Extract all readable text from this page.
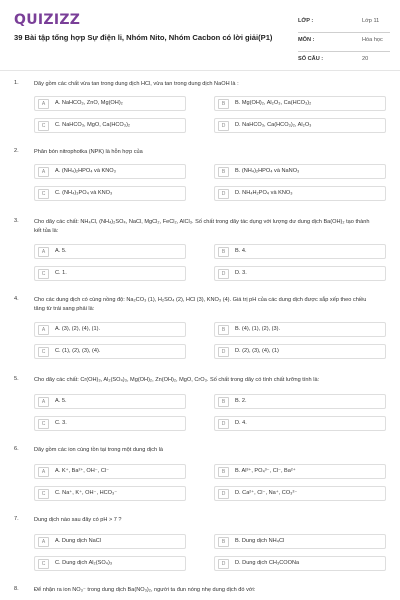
QUIZIZZ
39 Bài tập tổng hợp Sự điện li, Nhóm Nito, Nhóm Cacbon có lời giải(P1)
LỚP :	Lớp 11
MÔN :	Hóa học
SỐ CÂU :	20
1.	Dãy gồm các chất vừa tan trong dung dịch HCl, vừa tan trong dung dịch NaOH là :
A	A. NaHCO₃, ZnO, Mg(OH)₂	B	B. Mg(OH)₂, Al₂O₃, Ca(HCO₃)₂
C	C. NaHCO₃, MgO, Ca(HCO₃)₂	D	D. NaHCO₃, Ca(HCO₃)₂, Al₂O₃
2.	Phân bón nitrophotka (NPK) là hỗn hợp của
A	A. (NH₄)₂HPO₄ và KNO₃	B	B. (NH₄)₂HPO₄ và NaNO₃
C	C. (NH₄)₃PO₄ và KNO₃	D	D. NH₄H₂PO₄ và KNO₃
3.	Cho dãy các chất: NH₄Cl, (NH₄)₂SO₄, NaCl, MgCl₂, FeCl₂, AlCl₃. Số chất trong dãy tác dụng với lượng dư dung dịch Ba(OH)₂ tạo thành kết tủa là:
A	A. 5.	B	B. 4.
C	C. 1.	D	D. 3.
4.	Cho các dung dịch có cùng nồng độ: Na₂CO₃ (1), H₂SO₄ (2), HCl (3), KNO₃ (4). Giá trị pH của các dung dịch được sắp xếp theo chiều tăng từ trái sang phải là:
A	A. (3), (2), (4), (1).	B	B. (4), (1), (2), (3).
C	C. (1), (2), (3), (4).	D	D. (2), (3), (4), (1)
5.	Cho dãy các chất: Cr(OH)₃, Al₂(SO₄)₃, Mg(OH)₂, Zn(OH)₂, MgO, CrO₃. Số chất trong dãy có tính chất lưỡng tính là:
A	A. 5.	B	B. 2.
C	C. 3.	D	D. 4.
6.	Dãy gồm các ion cùng tồn tại trong một dung dịch là
A	A. K⁺, Ba²⁺, OH⁻, Cl⁻	B	B. Al³⁺, PO₄³⁻, Cl⁻, Ba²⁺
C	C. Na⁺, K⁺, OH⁻, HCO₃⁻	D	D. Ca²⁺, Cl⁻, Na⁺, CO₃²⁻
7.	Dung dịch nào sau đây có pH > 7 ?
A	A. Dung dịch NaCl	B	B. Dung dịch NH₄Cl
C	C. Dung dịch Al₂(SO₄)₃	D	D. Dung dịch CH₃COONa
8.	Để nhận ra ion NO₃⁻ trong dung dịch Ba(NO₃)₂, người ta đun nóng nhẹ dung dịch đó với:
